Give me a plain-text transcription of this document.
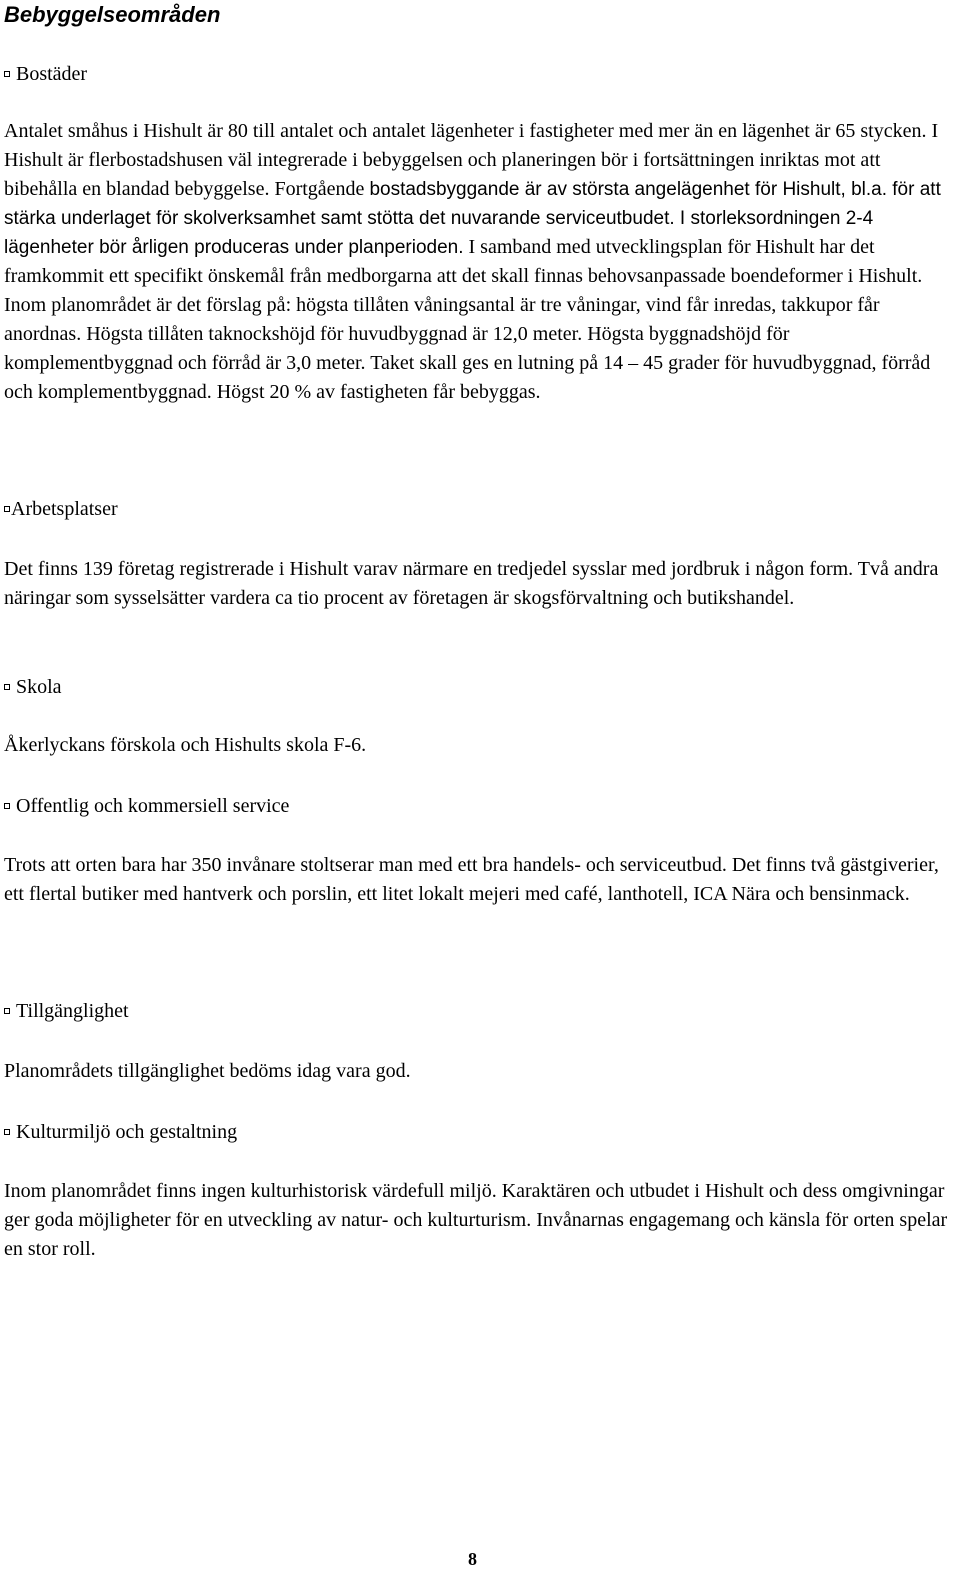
Bebyggelseområden
Bostäder

Antalet småhus i Hishult är 80 till antalet och antalet lägenheter i fastigheter med mer än en lägenhet är 65 stycken. I Hishult är flerbostadshusen väl integrerade i bebyggelsen och planeringen bör i fortsättningen inriktas mot att bibehålla en blandad bebyggelse. Fortgående bostadsbyggande är av största angelägenhet för Hishult, bl.a. för att stärka underlaget för skolverksamhet samt stötta det nuvarande serviceutbudet. I storleksordningen 2-4 lägenheter bör årligen produceras under planperioden. I samband med utvecklingsplan för Hishult har det framkommit ett specifikt önskemål från medborgarna att det skall finnas behovsanpassade boendeformer i Hishult. Inom planområdet är det förslag på: högsta tillåten våningsantal är tre våningar, vind får inredas, takkupor får anordnas. Högsta tillåten taknockshöjd för huvudbyggnad är 12,0 meter. Högsta byggnadshöjd för komplementbyggnad och förråd är 3,0 meter. Taket skall ges en lutning på 14 – 45 grader för huvudbyggnad, förråd och komplementbyggnad. Högst 20 % av fastigheten får bebyggas.

Arbetsplatser

Det finns 139 företag registrerade i Hishult varav närmare en tredjedel sysslar med jordbruk i någon form. Två andra näringar som sysselsätter vardera ca tio procent av företagen är skogsförvaltning och butikshandel.

Skola

Åkerlyckans förskola och Hishults skola F-6.

Offentlig och kommersiell service

Trots att orten bara har 350 invånare stoltserar man med ett bra handels- och serviceutbud. Det finns två gästgiverier, ett flertal butiker med hantverk och porslin, ett litet lokalt mejeri med café, lanthotell, ICA Nära och bensinmack.

Tillgänglighet

Planområdets tillgänglighet bedöms idag vara god.

Kulturmiljö och gestaltning

Inom planområdet finns ingen kulturhistorisk värdefull miljö. Karaktären och utbudet i Hishult och dess omgivningar ger goda möjligheter för en utveckling av natur- och kulturturism. Invånarnas engagemang och känsla för orten spelar en stor roll.

8
